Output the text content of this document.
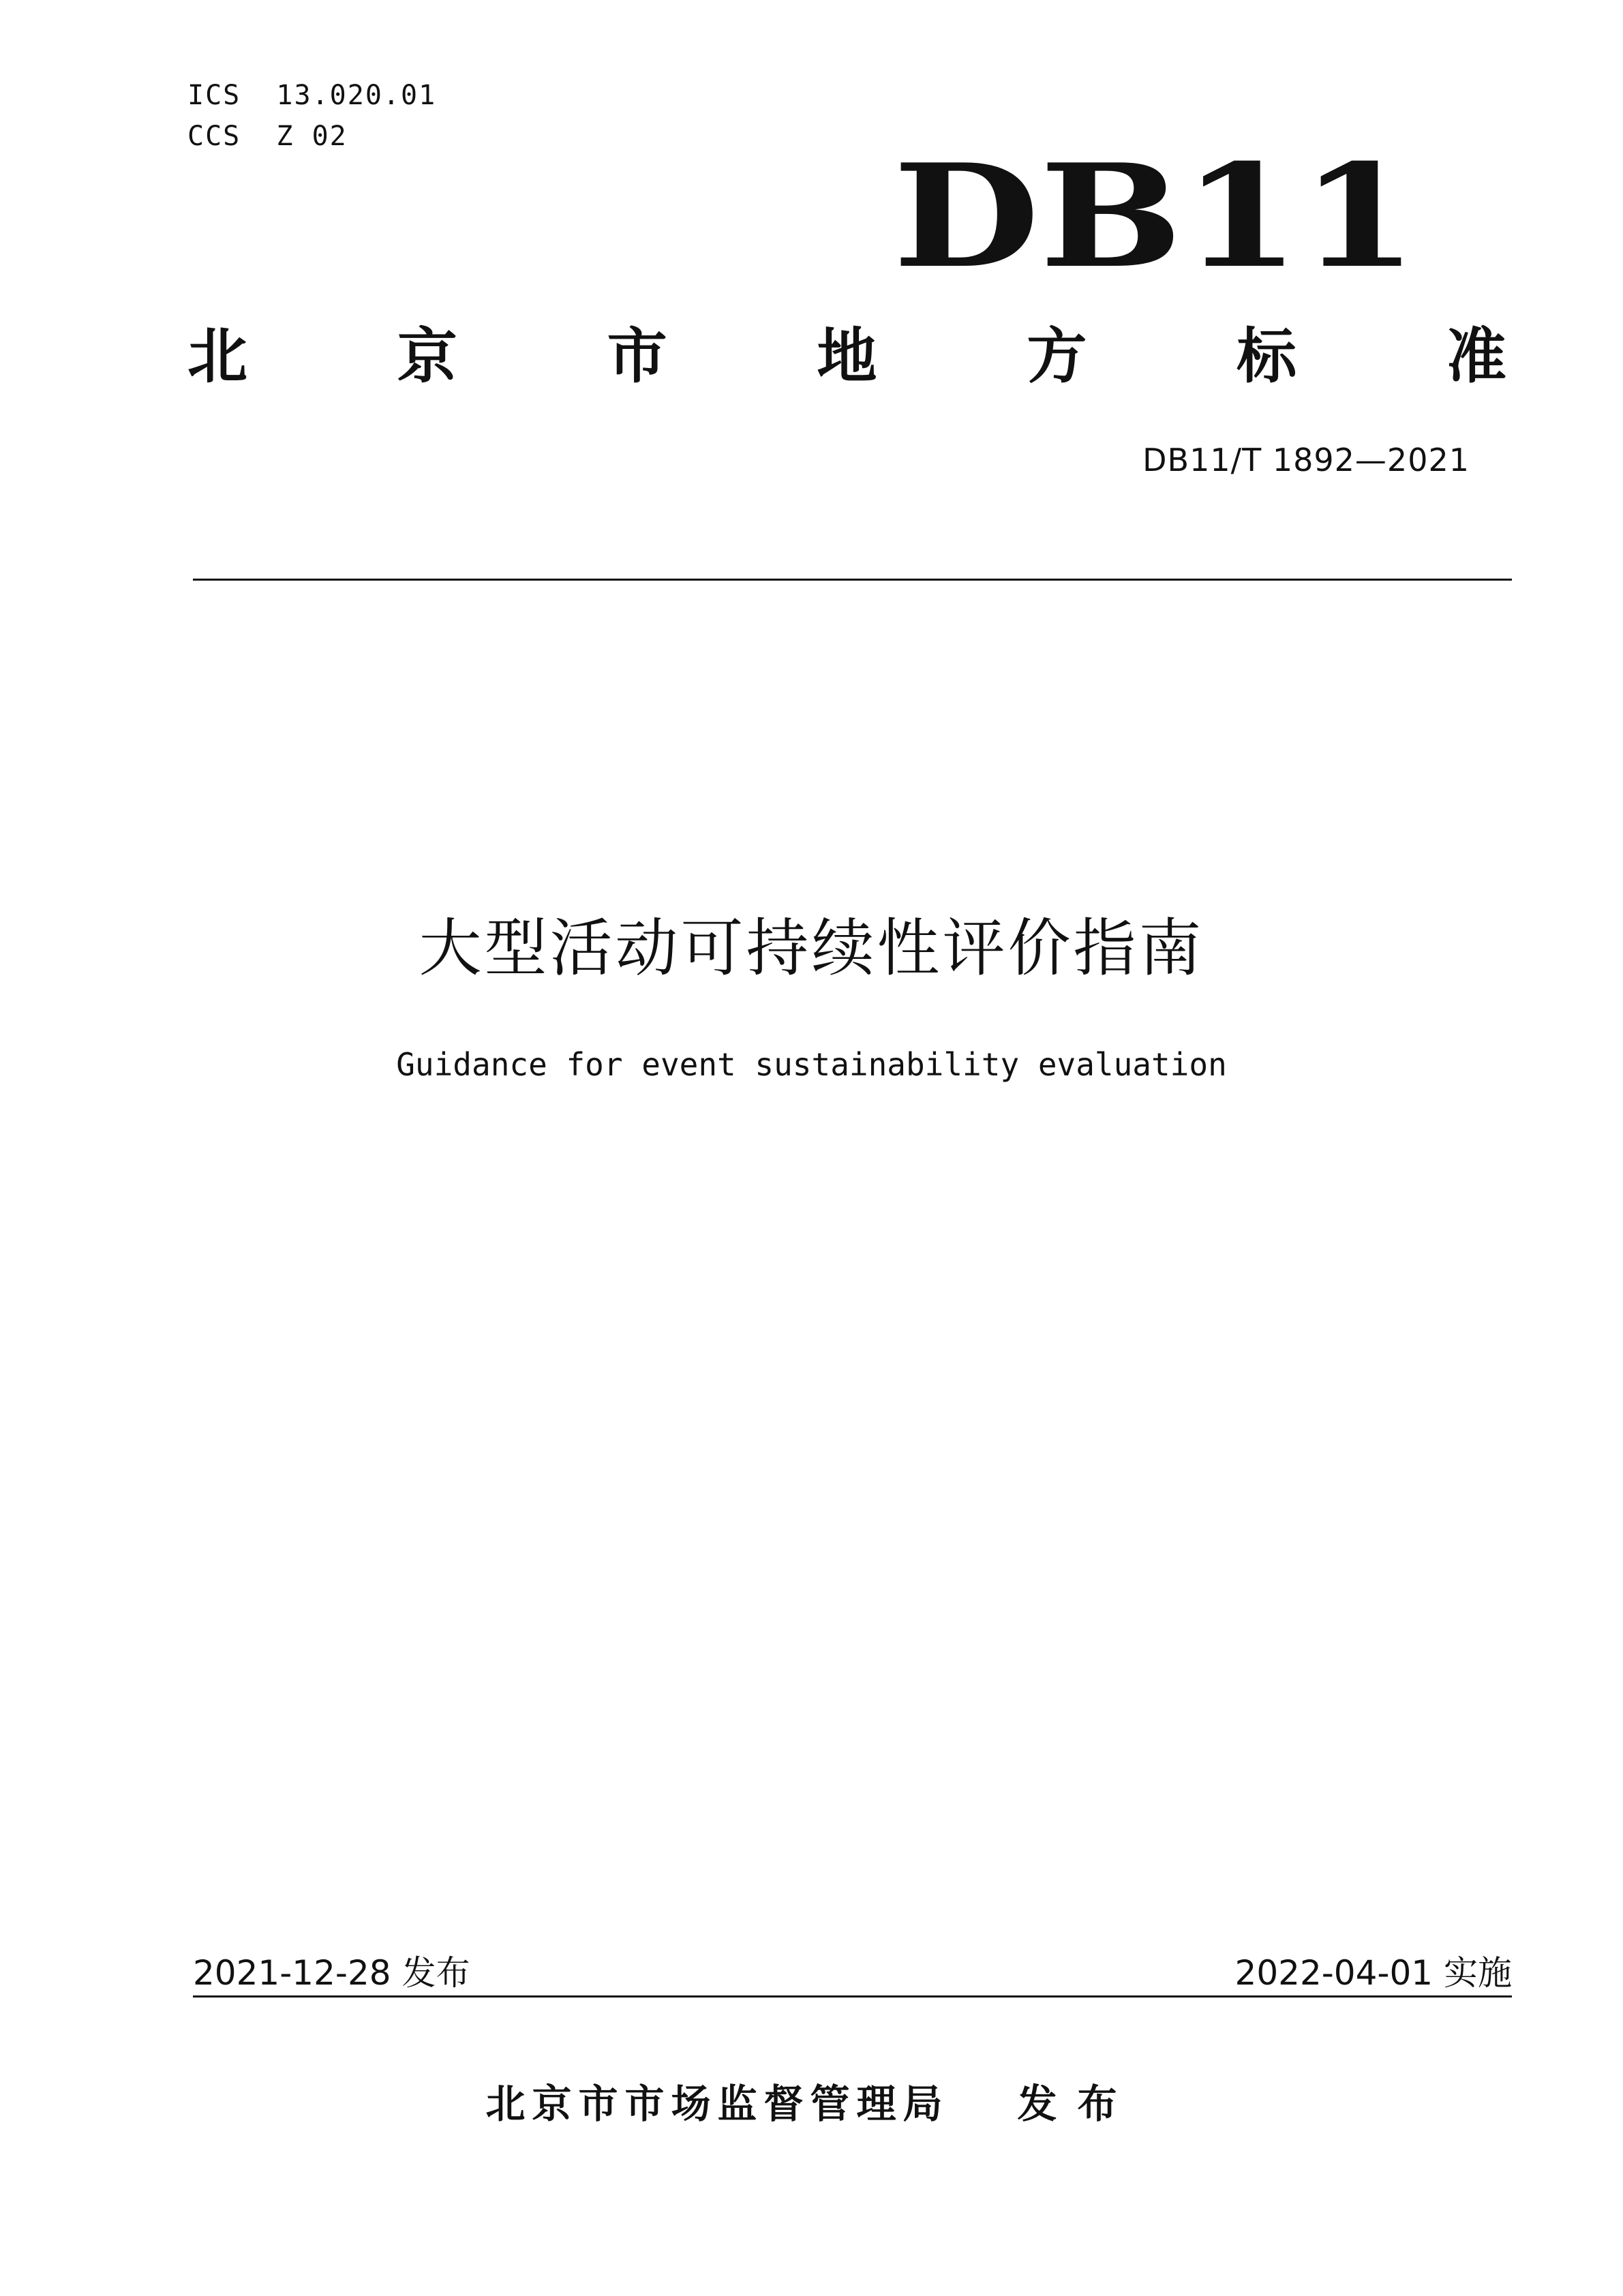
ICS  13.020.01
CCS  Z 02	DB11
北 京 市 地 方 标 准
DB11/T 1892—2021
大型活动可持续性评价指南
Guidance for event sustainability evaluation
2021-12-28 发布	2022-04-01 实施
北京市市场监督管理局 发布
